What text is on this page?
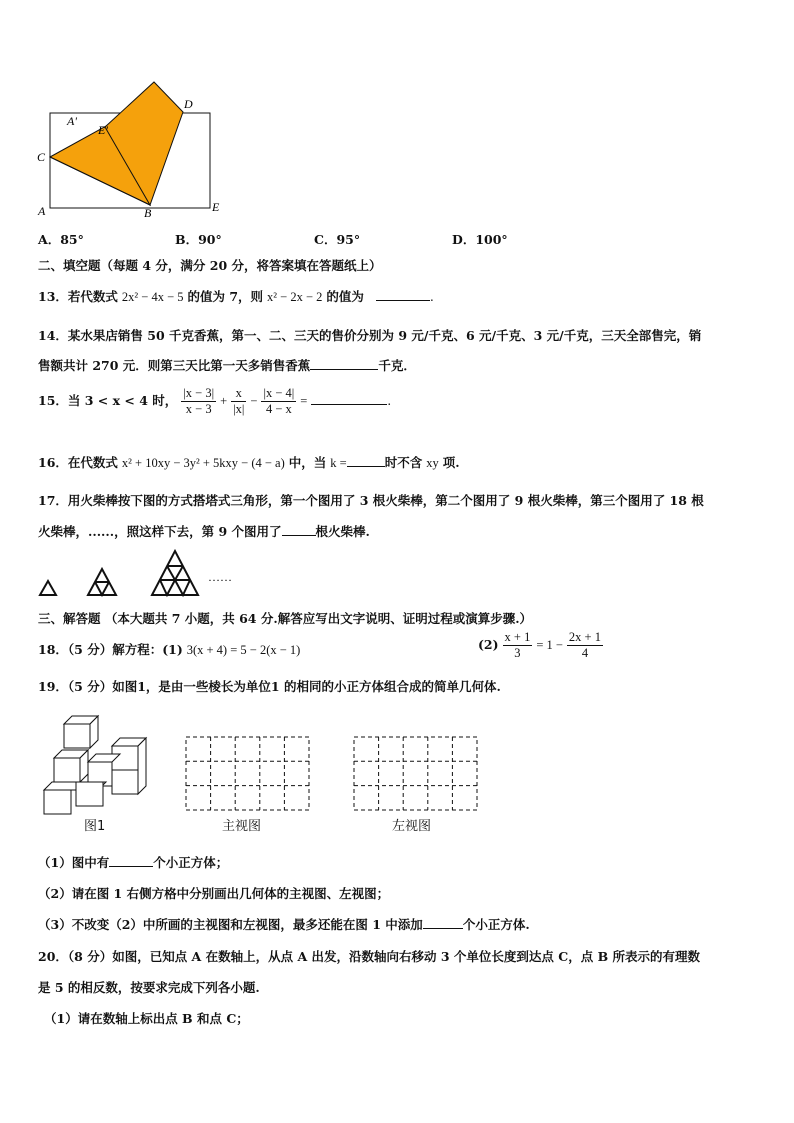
D
A'
E'
C
A	B	E
A．85°	B．90°	C．95°	D．100°
二、填空题（每题 4 分，满分 20 分，将答案填在答题纸上）
13．若代数式 2x² − 4x − 5 的值为 7，则 x² − 2x − 2 的值为	.
14．某水果店销售 50 千克香蕉，第一、二、三天的售价分别为 9 元/千克、6 元/千克、3 元/千克，三天全部售完，销
售额共计 270 元．则第三天比第一天多销售香蕉	千克．
15．当 3 < x < 4 时， $\frac{|x - 3|}{x - 3} + \frac{x}{|x|} - \frac{|x - 4|}{4 - x}$ =	.
16．在代数式 x² + 10xy − 3y² + 5kxy − (4 − a) 中，当 k =	时不含 xy 项.
17．用火柴棒按下图的方式搭塔式三角形，第一个图用了 3 根火柴棒，第二个图用了 9 根火柴棒，第三个图用了 18 根
火柴棒，......，照这样下去，第 9 个图用了	根火柴棒.
……
三、解答题 （本大题共 7 小题，共 64 分.解答应写出文字说明、证明过程或演算步骤.）
18．（5 分）解方程：(1) 3(x + 4) = 5 − 2(x − 1)	$(2) \frac{x + 1}{3} = 1 - \frac{2x + 1}{4}$
19．（5 分）如图1，是由一些棱长为单位1 的相同的小正方体组合成的简单几何体.
图1	主视图	左视图
（1）图中有	个小正方体；
（2）请在图 1 右侧方格中分别画出几何体的主视图、左视图；
（3）不改变（2）中所画的主视图和左视图，最多还能在图 1 中添加	个小正方体.
20．（8 分）如图，已知点 A 在数轴上，从点 A 出发，沿数轴向右移动 3 个单位长度到达点 C，点 B 所表示的有理数
是 5 的相反数，按要求完成下列各小题.
（1）请在数轴上标出点 B 和点 C；
